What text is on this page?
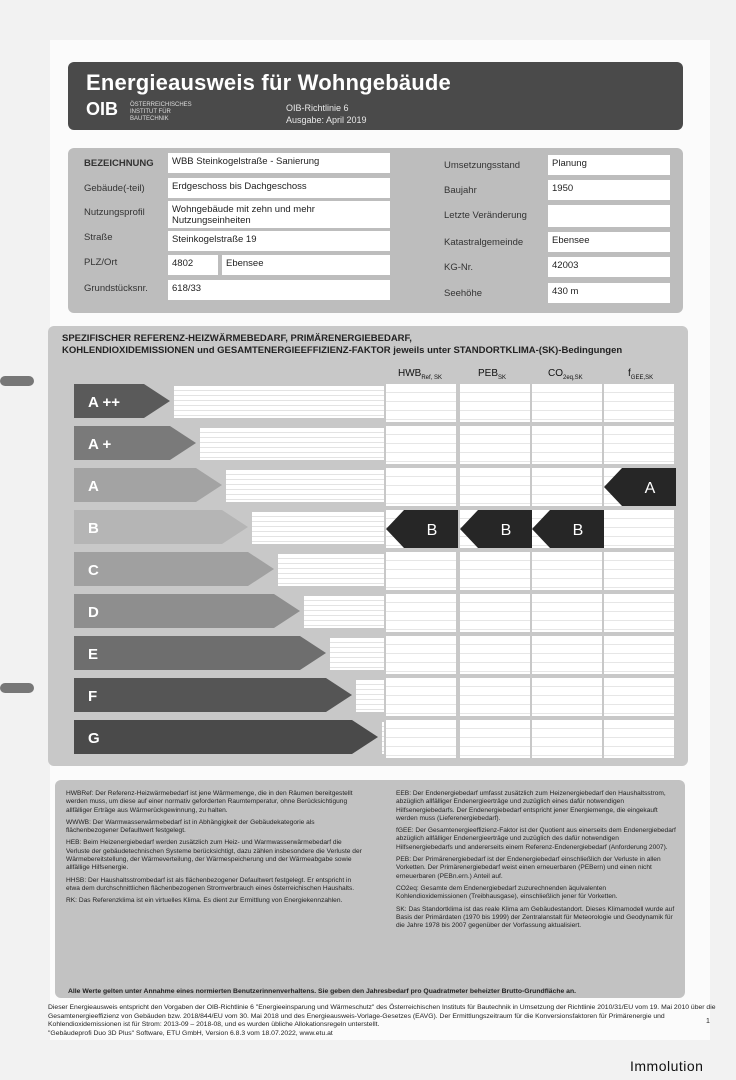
Energieausweis für Wohngebäude
OIB ÖSTERREICHISCHES INSTITUT FÜR BAUTECHNIK
OIB-Richtlinie 6
Ausgabe: April 2019
BEZEICHNUNG	WBB Steinkogelstraße - Sanierung
Gebäude(-teil)	Erdgeschoss bis Dachgeschoss
Nutzungsprofil	Wohngebäude mit zehn und mehr Nutzungseinheiten
Straße	Steinkogelstraße 19
PLZ/Ort	4802	Ebensee
Grundstücksnr.	618/33
Umsetzungsstand	Planung
Baujahr	1950
Letzte Veränderung
Katastralgemeinde	Ebensee
KG-Nr.	42003
Seehöhe	430 m
SPEZIFISCHER REFERENZ-HEIZWÄRMEBEDARF, PRIMÄRENERGIEBEDARF,
KOHLENDIOXIDEMISSIONEN und GESAMTENERGIEEFFIZIENZ-FAKTOR jeweils unter STANDORTKLIMA-(SK)-Bedingungen
$HWB_{Ref, SK}$	$PEB_{SK}$	$CO_{2eq,SK}$	$f_{GEE,SK}$
A ++
A +
A
B
C
D
E
F
G
B	B	B
A

HWBRef: Der Referenz-Heizwärmebedarf ist jene Wärmemenge, die in den Räumen bereitgestellt werden muss, um diese auf einer normativ geforderten Raumtemperatur, ohne Berücksichtigung allfälliger Erträge aus Wärmerückgewinnung, zu halten.

WWWB: Der Warmwasserwärmebedarf ist in Abhängigkeit der Gebäudekategorie als flächenbezogener Defaultwert festgelegt.

HEB: Beim Heizenergiebedarf werden zusätzlich zum Heiz- und Warmwasserwärmebedarf die Verluste der gebäudetechnischen Systeme berücksichtigt, dazu zählen insbesondere die Verluste der Wärmebereitstellung, der Wärmeverteilung, der Wärmespeicherung und der Wärmeabgabe sowie allfällige Hilfsenergie.

HHSB: Der Haushaltsstrombedarf ist als flächenbezogener Defaultwert festgelegt. Er entspricht in etwa dem durchschnittlichen flächenbezogenen Stromverbrauch eines österreichischen Haushalts.

RK: Das Referenzklima ist ein virtuelles Klima. Es dient zur Ermittlung von Energiekennzahlen.

EEB: Der Endenergiebedarf umfasst zusätzlich zum Heizenergiebedarf den Haushaltsstrom, abzüglich allfälliger Endenergieerträge und zuzüglich eines dafür notwendigen Hilfsenergiebedarfs. Der Endenergiebedarf entspricht jener Energiemenge, die eingekauft werden muss (Lieferenergiebedarf).

fGEE: Der Gesamtenergieeffizienz-Faktor ist der Quotient aus einerseits dem Endenergiebedarf abzüglich allfälliger Endenergieerträge und zuzüglich des dafür notwendigen Hilfsenergiebedarfs und andererseits einem Referenz-Endenergiebedarf (Anforderung 2007).

PEB: Der Primärenergiebedarf ist der Endenergiebedarf einschließlich der Verluste in allen Vorketten. Der Primärenergiebedarf weist einen erneuerbaren (PEBern) und einen nicht erneuerbaren (PEBn.ern.) Anteil auf.

CO2eq: Gesamte dem Endenergiebedarf zuzurechnenden äquivalenten Kohlendioxidemissionen (Treibhausgase), einschließlich jener für Vorketten.

SK: Das Standortklima ist das reale Klima am Gebäudestandort. Dieses Klimamodell wurde auf Basis der Primärdaten (1970 bis 1999) der Zentralanstalt für Meteorologie und Geodynamik für die Jahre 1978 bis 2007 gegenüber der Vorfassung aktualisiert.

Alle Werte gelten unter Annahme eines normierten Benutzerinnenverhaltens. Sie geben den Jahresbedarf pro Quadratmeter beheizter Brutto-Grundfläche an.
Dieser Energieausweis entspricht den Vorgaben der OIB-Richtlinie 6 "Energieeinsparung und Wärmeschutz" des Österreichischen Instituts für Bautechnik in Umsetzung der Richtlinie 2010/31/EU vom 19. Mai 2010 über die Gesamtenergieeffizienz von Gebäuden bzw. 2018/844/EU vom 30. Mai 2018 und des Energieausweis-Vorlage-Gesetzes (EAVG). Der Ermittlungszeitraum für die Konversionsfaktoren für Primärenergie und Kohlendioxidemissionen ist für Strom: 2013-09 – 2018-08, und es wurden übliche Allokationsregeln unterstellt.
"Gebäudeprofi Duo 3D Plus" Software, ETU GmbH, Version 6.8.3 vom 18.07.2022, www.etu.at
1
Immolution
